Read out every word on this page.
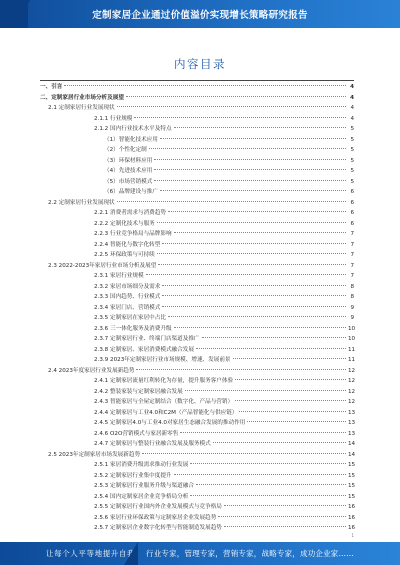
定制家居企业通过价值溢价实现增长策略研究报告
内容目录
一、引言	4
二、定制家居行业市场分析及展望	4
2.1 定制家居行业发展现状	4
2.1.1 行业规模	4
2.1.2 国内行业技术水平及特点	5
（1）智能化技术应用	5
（2）个性化定制	5
（3）环保材料应用	5
（4）先进技术应用	5
（5）市场营销模式	5
（6）品牌建设与推广	6
2.2 定制家居行业发展现状	6
2.2.1 消费者需求与消费趋势	6
2.2.2 定制化技术与服务	6
2.2.3 行业竞争格局与品牌影响	7
2.2.4 智能化与数字化转型	7
2.2.5 环保政策与可持续	7
2.3 2022-2023年家居行业市场分析及展望	7
2.3.1 家居行业规模	7
2.3.2 家居市场细分及需求	8
2.3.3 国内趋势、行业模式	8
2.3.4 家居门店、营销模式	9
2.3.5 定制家居在家居中占比	9
2.3.6 三一体化服务及消费升级	10
2.3.7 定制家居行业、终端门店渠道及推广	10
2.3.8 定制家居、家居消费模式融合发展	11
2.3.9 2023年定制家居行业市场规模、增速、发展前景	11
2.4 2023年度家居行业发展新趋势	12
2.4.1 定制家居流量红利转化为存量，提升服务客户体验	12
2.4.2 整装家装与定制家居融合发展	12
2.4.3 智能家居与全屋定制结合（数字化、产品与营销）	12
2.4.4 定制家居与工业4.0和C2M（产品智能化与供应链）	13
2.4.5 定制家居4.0与工业4.0对家居生态融合发展的推动作用	13
2.4.6 O2O营销模式与家居新零售	13
2.4.7 定制家居与整装行业融合发展及服务模式	14
2.5 2023年定制家居市场发展新趋势	14
2.5.1 家居消费升级需求推动行业发展	15
2.5.2 定制家居行业集中度提升	15
2.5.3 定制家居行业服务升级与渠道融合	15
2.5.4 国内定制家居企业竞争格局分析	15
2.5.5 定制家居行业国内外企业发展模式与竞争格局	16
2.5.6 家居行业环保政策与定制家居企业发展趋势	16
2.5.7 定制家居企业数字化转型与智能制造发展趋势	16
1
让每个人平等地提升自我 行业专家，管理专家，营销专家，战略专家，成功企业家……
